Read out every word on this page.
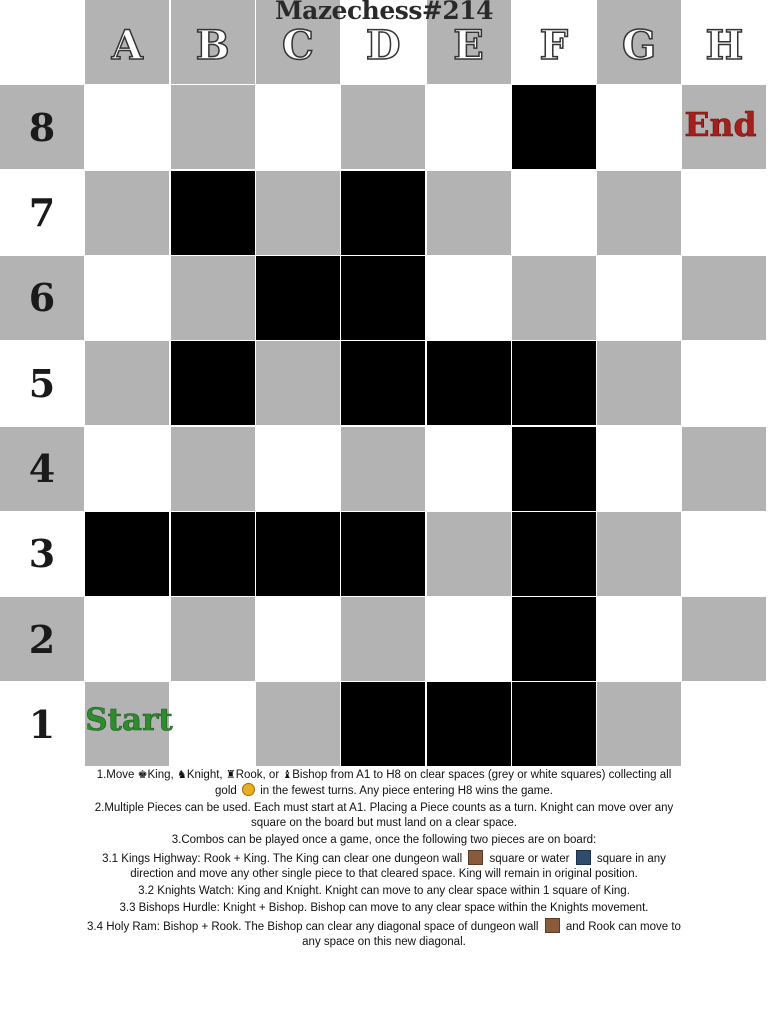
Mazechess#214
A	B	C	D	E	F	G	H
8
7
6
5
4
3
2
1
End
Start

1.Move ♚King, ♞Knight, ♜Rook, or ♝Bishop from A1 to H8 on clear spaces (grey or white squares) collecting all gold in the fewest turns. Any piece entering H8 wins the game.

2.Multiple Pieces can be used. Each must start at A1. Placing a Piece counts as a turn. Knight can move over any square on the board but must land on a clear space.

3.Combos can be played once a game, once the following two pieces are on board:

3.1 Kings Highway: Rook + King. The King can clear one dungeon wall square or water square in any direction and move any other single piece to that cleared space. King will remain in original position.

3.2 Knights Watch: King and Knight. Knight can move to any clear space within 1 square of King.

3.3 Bishops Hurdle: Knight + Bishop. Bishop can move to any clear space within the Knights movement.

3.4 Holy Ram: Bishop + Rook. The Bishop can clear any diagonal space of dungeon wall and Rook can move to any space on this new diagonal.
